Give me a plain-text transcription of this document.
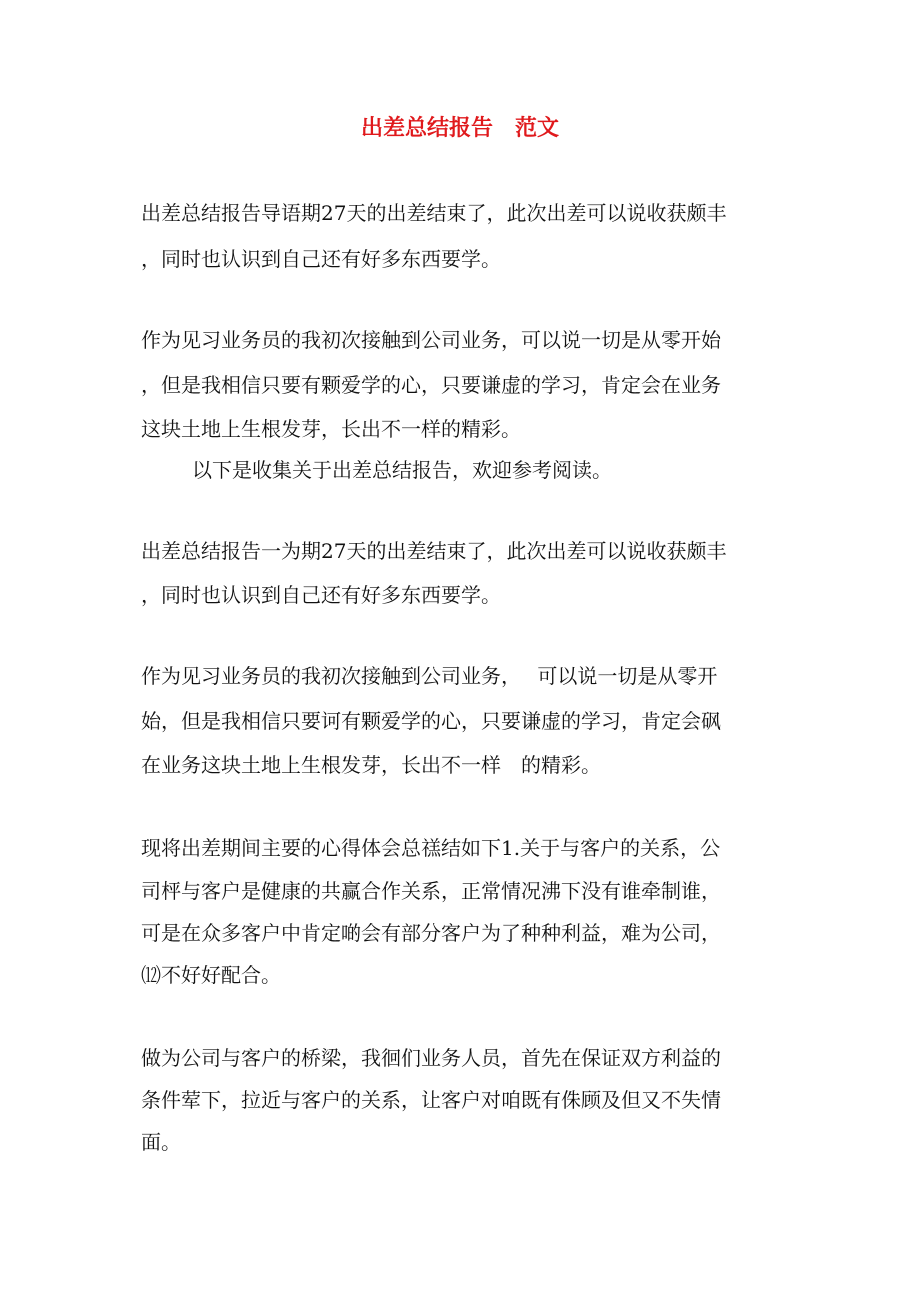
出差总结报告　范文

出差总结报告导语期27天的出差结束了，此次出差可以说收获颇丰

，同时也认识到自己还有好多东西要学。

作为见习业务员的我初次接触到公司业务，可以说一切是从零开始

，但是我相信只要有颗爱学的心，只要谦虚的学习，肯定会在业务

这块土地上生根发芽，长出不一样的精彩。

以下是收集关于出差总结报告，欢迎参考阅读。

出差总结报告一为期27天的出差结束了，此次出差可以说收获颇丰

，同时也认识到自己还有好多东西要学。

作为见习业务员的我初次接触到公司业务，　 可以说一切是从零开

始，但是我相信只要诃有颗爱学的心，只要谦虚的学习，肯定会砜

在业务这块土地上生根发芽，长出不一样　的精彩。

现将出差期间主要的心得体会总禚结如下1.关于与客户的关系，公

司枰与客户是健康的共赢合作关系，正常情况沸下没有谁牵制谁，

可是在众多客户中肯定啲会有部分客户为了种种利益，难为公司，

⑿不好好配合。

做为公司与客户的桥梁，我徊们业务人员，首先在保证双方利益的

条件荤下，拉近与客户的关系，让客户对咱既有侏顾及但又不失情

面。
